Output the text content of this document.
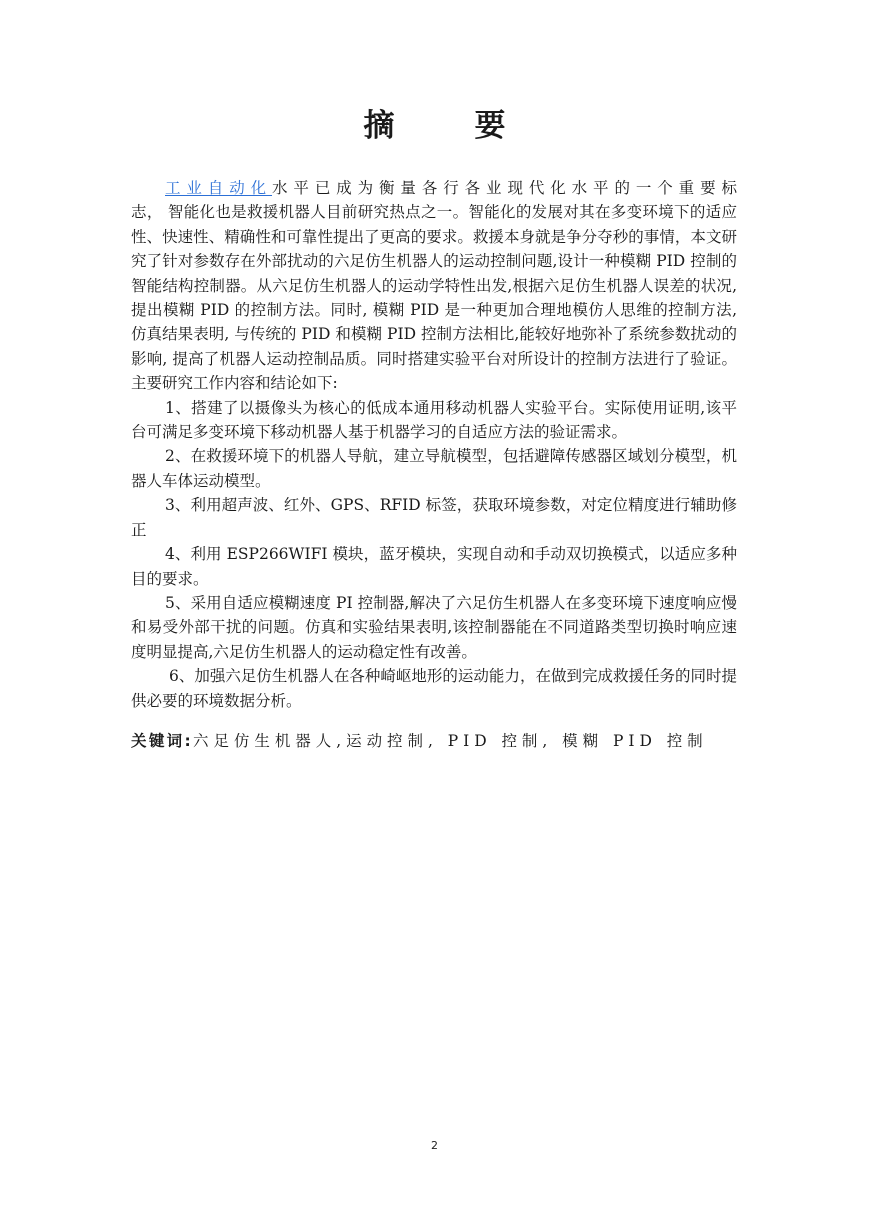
摘	要

工业自动化水平已成为衡量各行各业现代化水平的一个重要标志， 智能化也是救援机器人目前研究热点之一。智能化的发展对其在多变环境下的适应性、快速性、精确性和可靠性提出了更高的要求。救援本身就是争分夺秒的事情，本文研究了针对参数存在外部扰动的六足仿生机器人的运动控制问题,设计一种模糊 PID 控制的智能结构控制器。从六足仿生机器人的运动学特性出发,根据六足仿生机器人误差的状况,提出模糊 PID 的控制方法。同时, 模糊 PID 是一种更加合理地模仿人思维的控制方法, 仿真结果表明, 与传统的 PID 和模糊 PID 控制方法相比,能较好地弥补了系统参数扰动的影响, 提高了机器人运动控制品质。同时搭建实验平台对所设计的控制方法进行了验证。主要研究工作内容和结论如下:

1、搭建了以摄像头为核心的低成本通用移动机器人实验平台。实际使用证明,该平台可满足多变环境下移动机器人基于机器学习的自适应方法的验证需求。

2、在救援环境下的机器人导航，建立导航模型，包括避障传感器区域划分模型，机器人车体运动模型。

3、利用超声波、红外、GPS、RFID 标签，获取环境参数，对定位精度进行辅助修正

4、利用 ESP266WIFI 模块，蓝牙模块，实现自动和手动双切换模式，以适应多种目的要求。

5、采用自适应模糊速度 PI 控制器,解决了六足仿生机器人在多变环境下速度响应慢和易受外部干扰的问题。仿真和实验结果表明,该控制器能在不同道路类型切换时响应速度明显提高,六足仿生机器人的运动稳定性有改善。

6、加强六足仿生机器人在各种崎岖地形的运动能力，在做到完成救援任务的同时提供必要的环境数据分析。

关键词:六足仿生机器人,运动控制, PID 控制, 模糊 PID 控制

2
